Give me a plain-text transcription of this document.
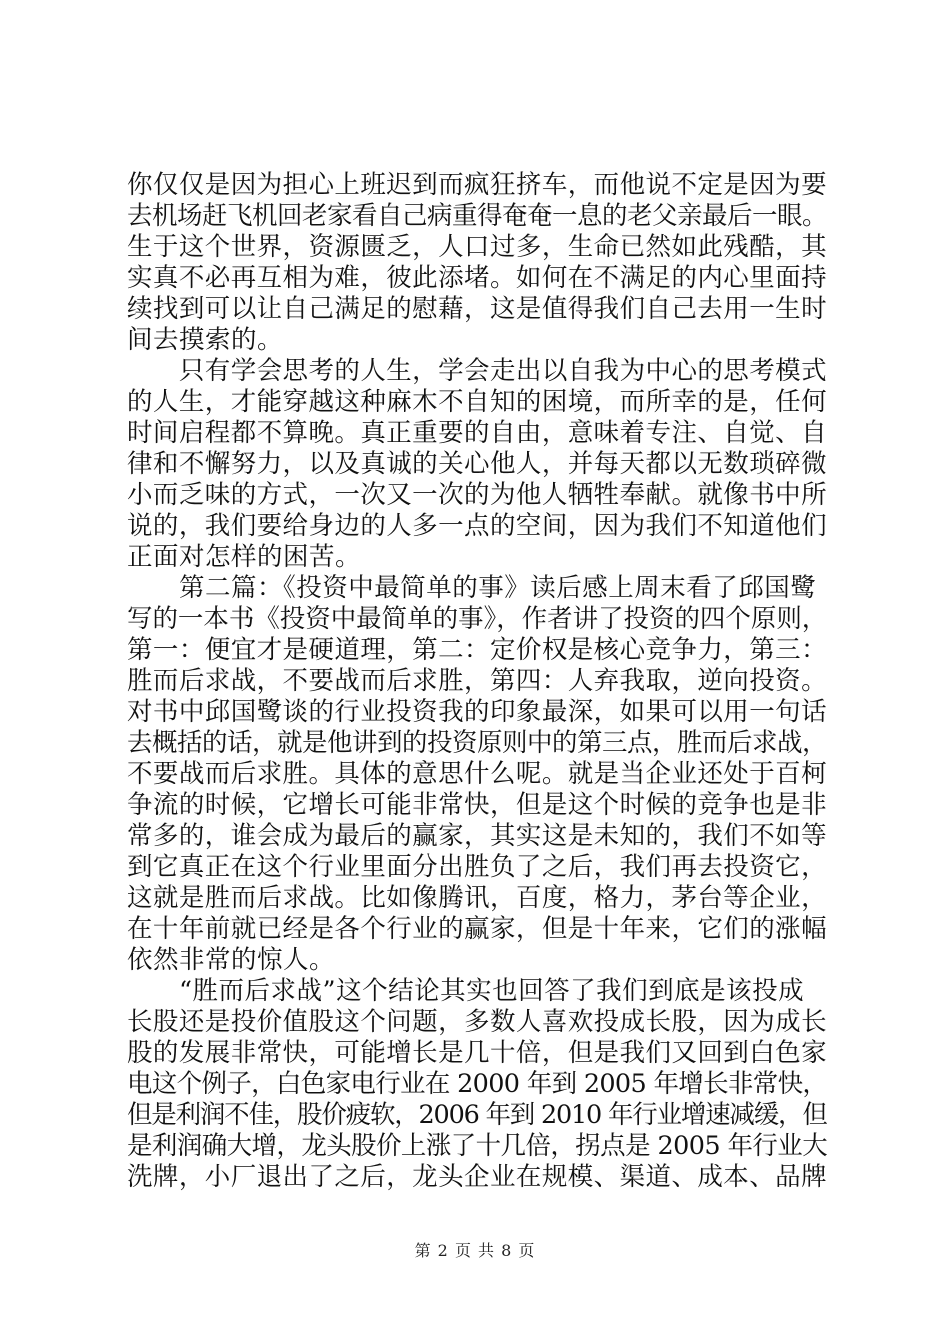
你仅仅是因为担心上班迟到而疯狂挤车，而他说不定是因为要
去机场赶飞机回老家看自己病重得奄奄一息的老父亲最后一眼。
生于这个世界，资源匮乏，人口过多，生命已然如此残酷，其
实真不必再互相为难，彼此添堵。如何在不满足的内心里面持
续找到可以让自己满足的慰藉，这是值得我们自己去用一生时
间去摸索的。
　　只有学会思考的人生，学会走出以自我为中心的思考模式
的人生，才能穿越这种麻木不自知的困境，而所幸的是，任何
时间启程都不算晚。真正重要的自由，意味着专注、自觉、自
律和不懈努力，以及真诚的关心他人，并每天都以无数琐碎微
小而乏味的方式，一次又一次的为他人牺牲奉献。就像书中所
说的，我们要给身边的人多一点的空间，因为我们不知道他们
正面对怎样的困苦。
　　第二篇：《投资中最简单的事》读后感上周末看了邱国鹭
写的一本书《投资中最简单的事》，作者讲了投资的四个原则，
第一：便宜才是硬道理，第二：定价权是核心竞争力，第三：
胜而后求战，不要战而后求胜，第四：人弃我取，逆向投资。
对书中邱国鹭谈的行业投资我的印象最深，如果可以用一句话
去概括的话，就是他讲到的投资原则中的第三点，胜而后求战，
不要战而后求胜。具体的意思什么呢。就是当企业还处于百柯
争流的时候，它增长可能非常快，但是这个时候的竞争也是非
常多的，谁会成为最后的赢家，其实这是未知的，我们不如等
到它真正在这个行业里面分出胜负了之后，我们再去投资它，
这就是胜而后求战。比如像腾讯，百度，格力，茅台等企业，
在十年前就已经是各个行业的赢家，但是十年来，它们的涨幅
依然非常的惊人。
　　“胜而后求战”这个结论其实也回答了我们到底是该投成
长股还是投价值股这个问题，多数人喜欢投成长股，因为成长
股的发展非常快，可能增长是几十倍，但是我们又回到白色家
电这个例子，白色家电行业在 2000 年到 2005 年增长非常快，
但是利润不佳，股价疲软，2006 年到 2010 年行业增速减缓，但
是利润确大增，龙头股价上涨了十几倍，拐点是 2005 年行业大
洗牌，小厂退出了之后，龙头企业在规模、渠道、成本、品牌
第 2 页 共 8 页
